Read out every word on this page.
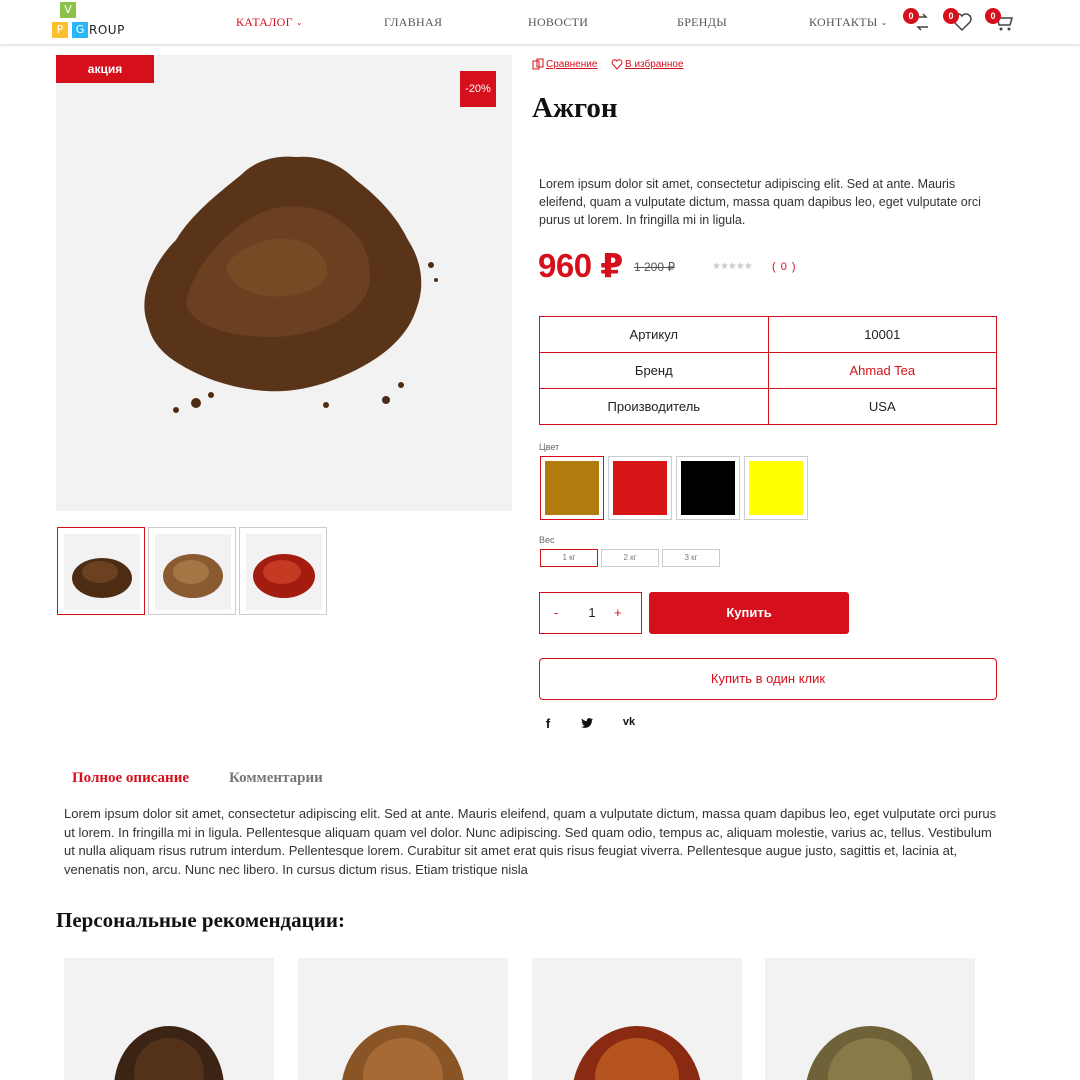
V
P	G ROUP
КАТАЛОГ ⌄	ГЛАВНАЯ	НОВОСТИ	БРЕНДЫ	КОНТАКТЫ ⌄
0	0	0
акция
-20%
Сравнение	В избранное
Ажгон

Lorem ipsum dolor sit amet, consectetur adipiscing elit. Sed at ante. Mauris eleifend, quam a vulputate dictum, massa quam dapibus leo, eget vulputate orci purus ut lorem. In fringilla mi in ligula.

960 ₽ 1 200 ₽	★★★★★ ( 0 )
Артикул	10001
Бренд	Ahmad Tea
Производитель	USA
Цвет
Вес
1 кг	2 кг	3 кг
-	1	+	Купить
Купить в один клик
f	vk
Полное описание	Комментарии

Lorem ipsum dolor sit amet, consectetur adipiscing elit. Sed at ante. Mauris eleifend, quam a vulputate dictum, massa quam dapibus leo, eget vulputate orci purus ut lorem. In fringilla mi in ligula. Pellentesque aliquam quam vel dolor. Nunc adipiscing. Sed quam odio, tempus ac, aliquam molestie, varius ac, tellus. Vestibulum ut nulla aliquam risus rutrum interdum. Pellentesque lorem. Curabitur sit amet erat quis risus feugiat viverra. Pellentesque augue justo, sagittis et, lacinia at, venenatis non, arcu. Nunc nec libero. In cursus dictum risus. Etiam tristique nisla

Персональные рекомендации:
